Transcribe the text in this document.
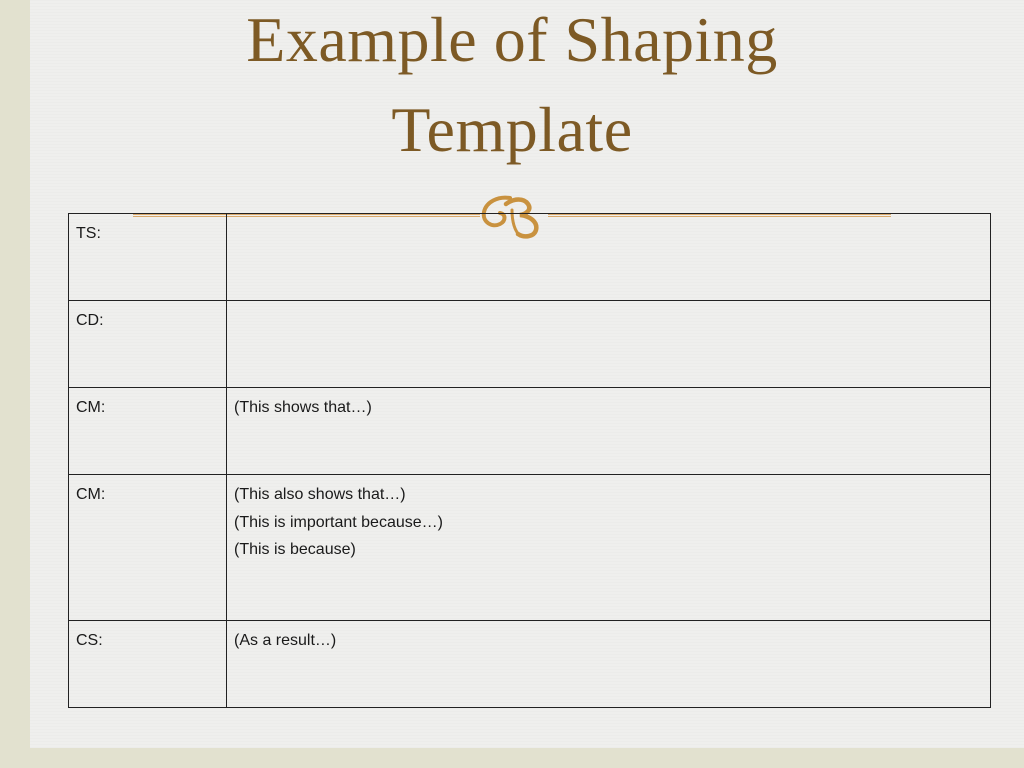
Example of Shaping
Template
TS:	
CD:	
CM:	(This shows that…)

CM:	(This also shows that…)
(This is important because…)
(This is because)

CS:	(As a result…)
